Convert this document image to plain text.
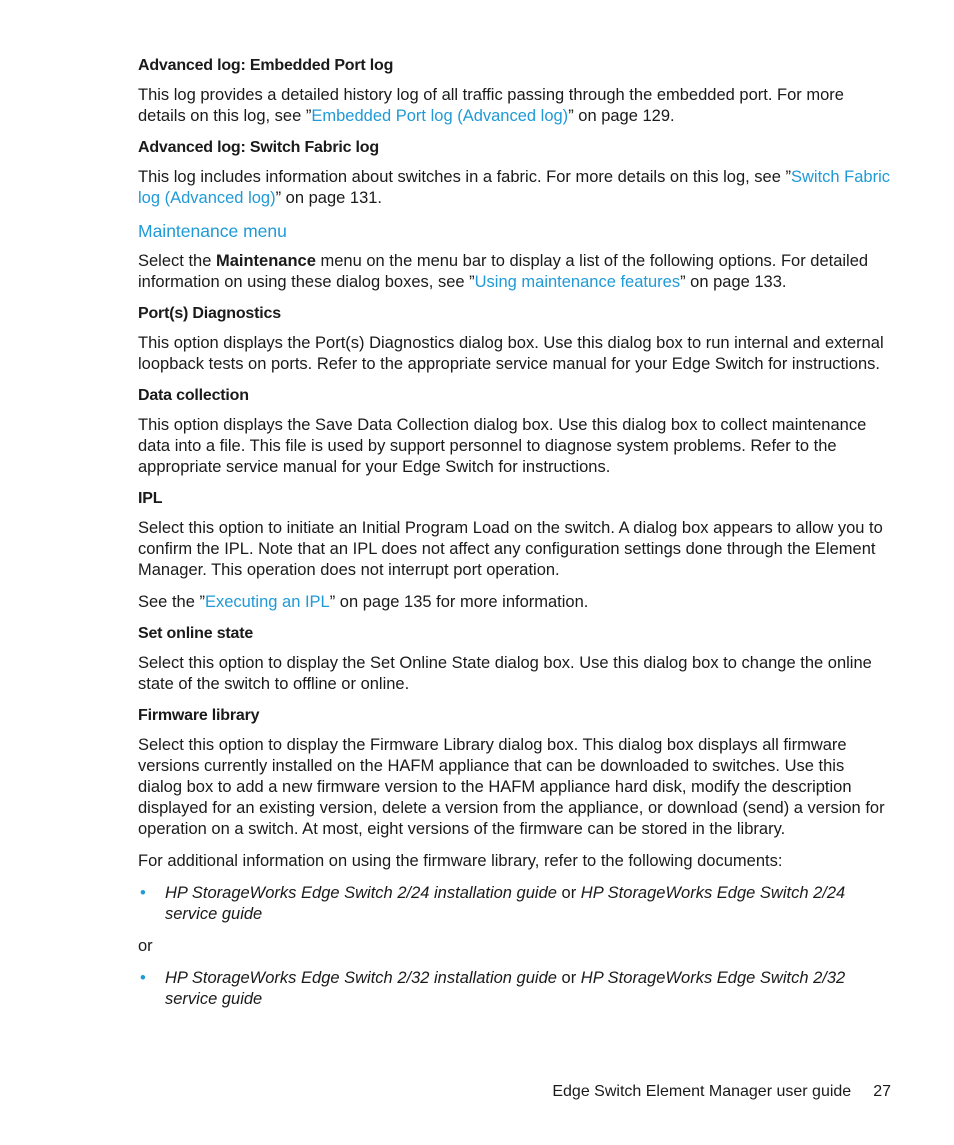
Advanced log: Embedded Port log
This log provides a detailed history log of all traffic passing through the embedded port. For more details on this log, see ”Embedded Port log (Advanced log)” on page 129.
Advanced log: Switch Fabric log
This log includes information about switches in a fabric. For more details on this log, see ”Switch Fabric log (Advanced log)” on page 131.
Maintenance menu
Select the Maintenance menu on the menu bar to display a list of the following options. For detailed information on using these dialog boxes, see ”Using maintenance features” on page 133.
Port(s) Diagnostics
This option displays the Port(s) Diagnostics dialog box. Use this dialog box to run internal and external loopback tests on ports. Refer to the appropriate service manual for your Edge Switch for instructions.
Data collection
This option displays the Save Data Collection dialog box. Use this dialog box to collect maintenance data into a file. This file is used by support personnel to diagnose system problems. Refer to the appropriate service manual for your Edge Switch for instructions.
IPL
Select this option to initiate an Initial Program Load on the switch. A dialog box appears to allow you to confirm the IPL. Note that an IPL does not affect any configuration settings done through the Element Manager. This operation does not interrupt port operation.
See the ”Executing an IPL” on page 135 for more information.
Set online state
Select this option to display the Set Online State dialog box. Use this dialog box to change the online state of the switch to offline or online.
Firmware library
Select this option to display the Firmware Library dialog box. This dialog box displays all firmware versions currently installed on the HAFM appliance that can be downloaded to switches. Use this dialog box to add a new firmware version to the HAFM appliance hard disk, modify the description displayed for an existing version, delete a version from the appliance, or download (send) a version for operation on a switch. At most, eight versions of the firmware can be stored in the library.
For additional information on using the firmware library, refer to the following documents:
• HP StorageWorks Edge Switch 2/24 installation guide or HP StorageWorks Edge Switch 2/24 service guide
or
• HP StorageWorks Edge Switch 2/32 installation guide or HP StorageWorks Edge Switch 2/32 service guide
Edge Switch Element Manager user guide 27
